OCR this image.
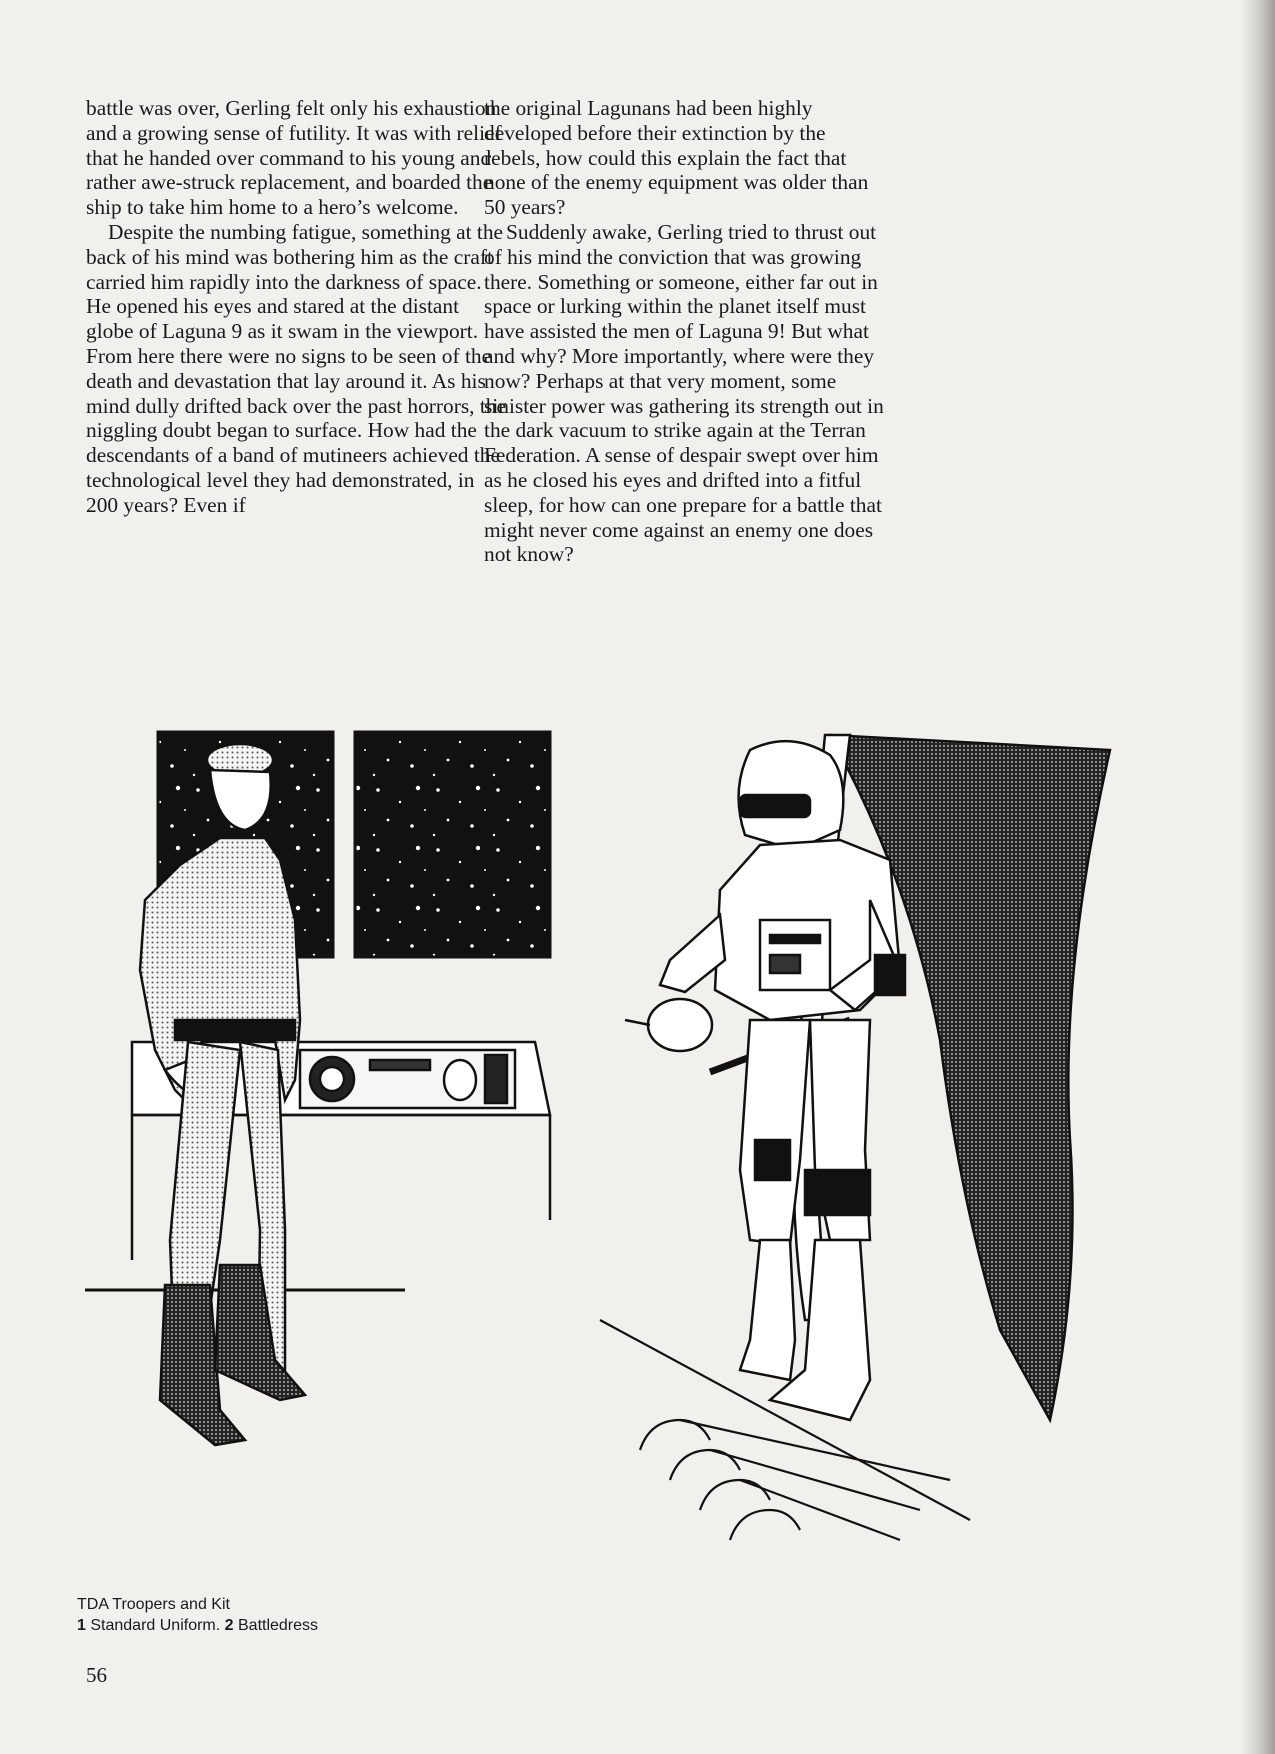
battle was over, Gerling felt only his exhaustion and a growing sense of futility. It was with relief that he handed over command to his young and rather awe-struck replacement, and boarded the ship to take him home to a hero’s welcome.

Despite the numbing fatigue, something at the back of his mind was bothering him as the craft carried him rapidly into the darkness of space. He opened his eyes and stared at the distant globe of Laguna 9 as it swam in the viewport. From here there were no signs to be seen of the death and devastation that lay around it. As his mind dully drifted back over the past horrors, the niggling doubt began to surface. How had the descendants of a band of mutineers achieved the technological level they had demonstrated, in 200 years? Even if

the original Lagunans had been highly developed before their extinction by the rebels, how could this explain the fact that none of the enemy equipment was older than 50 years?

Suddenly awake, Gerling tried to thrust out of his mind the conviction that was growing there. Something or someone, either far out in space or lurking within the planet itself must have assisted the men of Laguna 9! But what and why? More importantly, where were they now? Perhaps at that very moment, some sinister power was gathering its strength out in the dark vacuum to strike again at the Terran Federation. A sense of despair swept over him as he closed his eyes and drifted into a fitful sleep, for how can one prepare for a battle that might never come against an enemy one does not know?

TDA Troopers and Kit
1 Standard Uniform. 2 Battledress
56
